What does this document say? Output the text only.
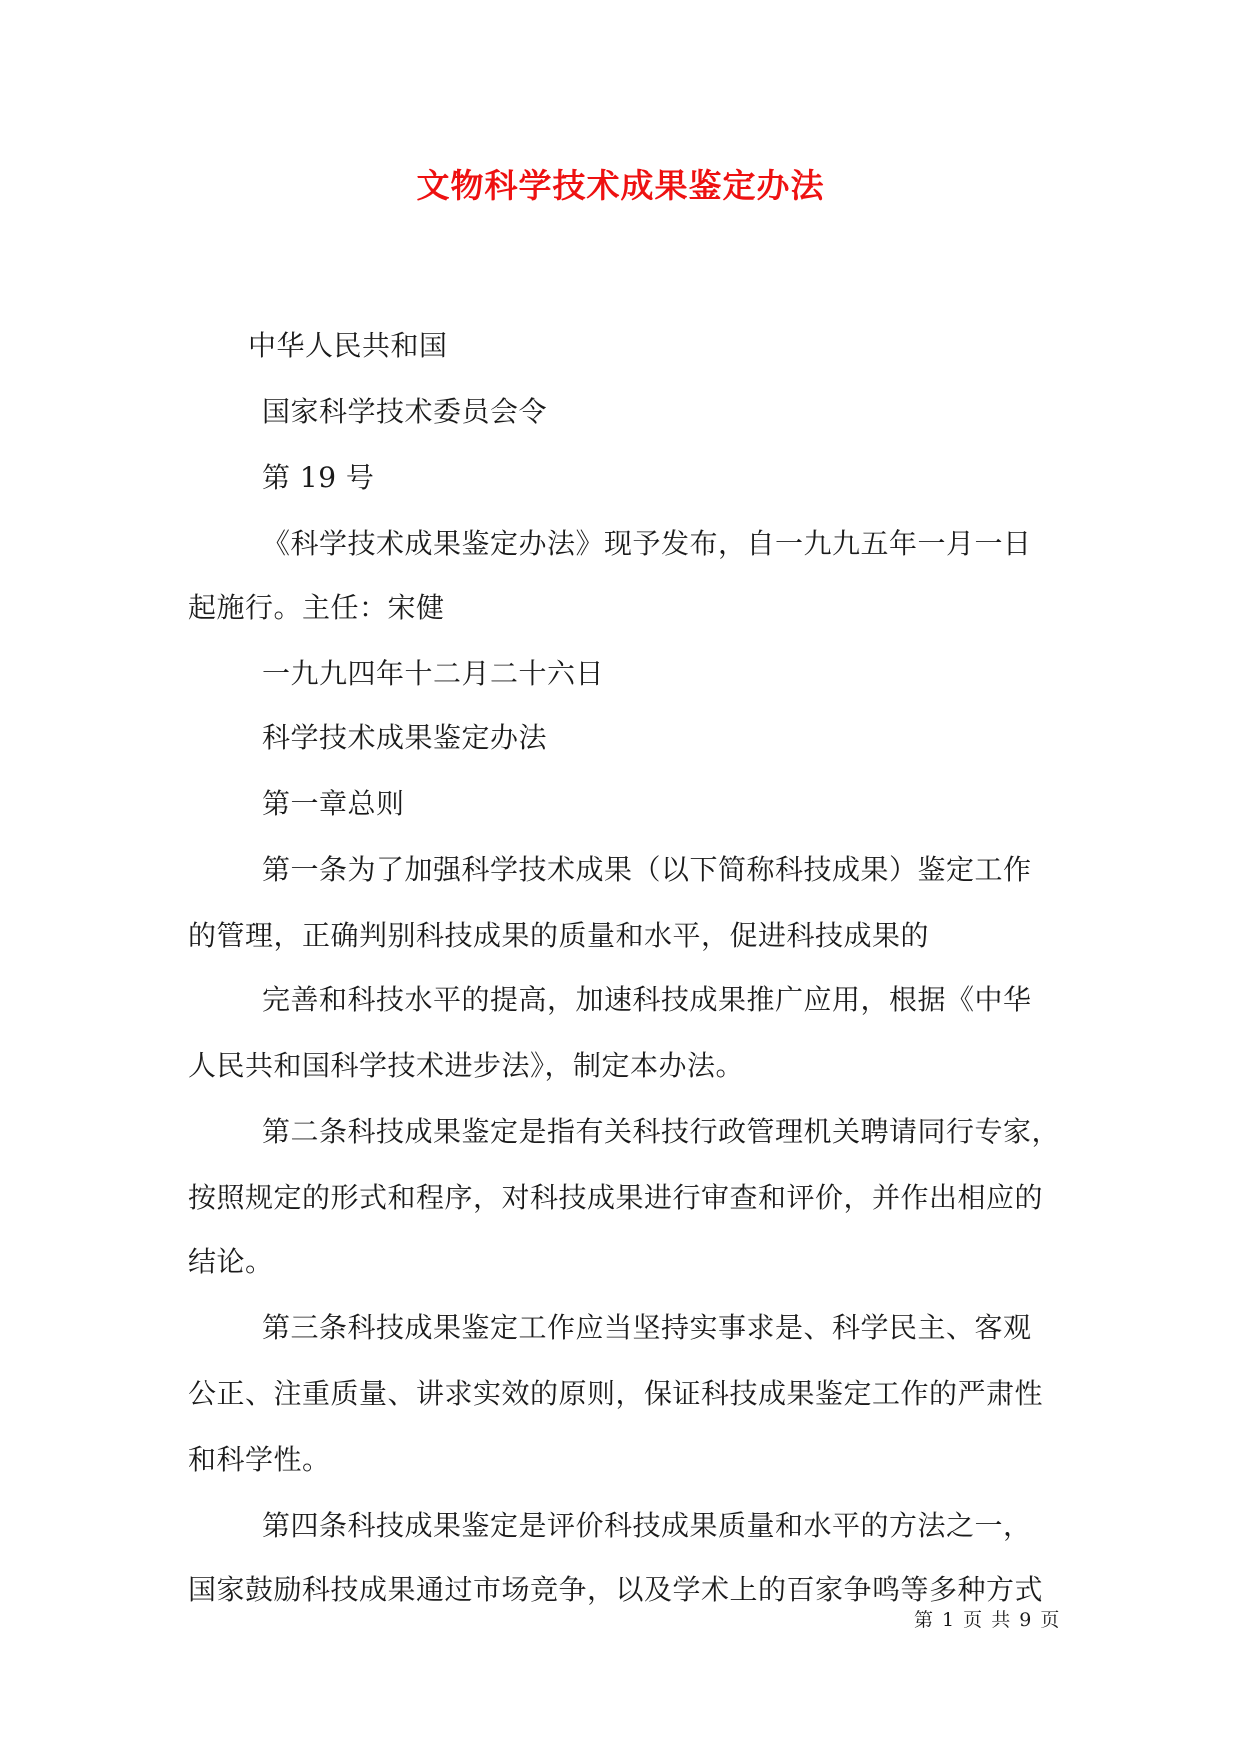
文物科学技术成果鉴定办法
中华人民共和国
国家科学技术委员会令
第 19 号
《科学技术成果鉴定办法》现予发布，自一九九五年一月一日
起施行。主任：宋健
一九九四年十二月二十六日
科学技术成果鉴定办法
第一章总则
第一条为了加强科学技术成果（以下简称科技成果）鉴定工作
的管理，正确判别科技成果的质量和水平，促进科技成果的
完善和科技水平的提高，加速科技成果推广应用，根据《中华
人民共和国科学技术进步法》，制定本办法。
第二条科技成果鉴定是指有关科技行政管理机关聘请同行专家，
按照规定的形式和程序，对科技成果进行审查和评价，并作出相应的
结论。
第三条科技成果鉴定工作应当坚持实事求是、科学民主、客观
公正、注重质量、讲求实效的原则，保证科技成果鉴定工作的严肃性
和科学性。
第四条科技成果鉴定是评价科技成果质量和水平的方法之一，
国家鼓励科技成果通过市场竞争，以及学术上的百家争鸣等多种方式
第 1 页 共 9 页
